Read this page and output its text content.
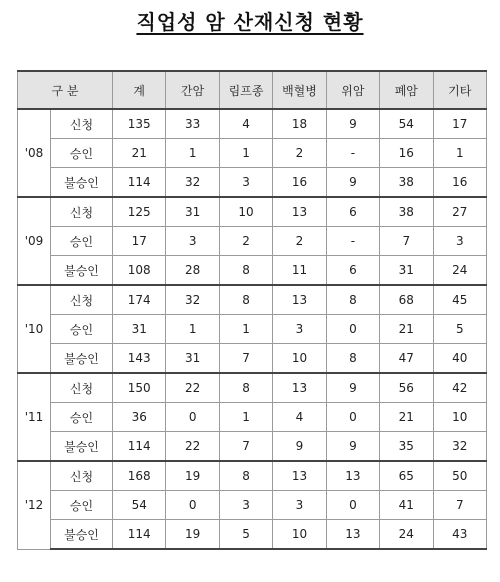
직업성 암 산재신청 현황
구 분		계	간암	림프종	백혈병	위암	폐암	기타
'08	신청	135	33	4	18	9	54	17
	승인	21	1	1	2	-	16	1
	불승인	114	32	3	16	9	38	16
'09	신청	125	31	10	13	6	38	27
	승인	17	3	2	2	-	7	3
	불승인	108	28	8	11	6	31	24
'10	신청	174	32	8	13	8	68	45
	승인	31	1	1	3	0	21	5
	불승인	143	31	7	10	8	47	40
'11	신청	150	22	8	13	9	56	42
	승인	36	0	1	4	0	21	10
	불승인	114	22	7	9	9	35	32
'12	신청	168	19	8	13	13	65	50
	승인	54	0	3	3	0	41	7
	불승인	114	19	5	10	13	24	43
